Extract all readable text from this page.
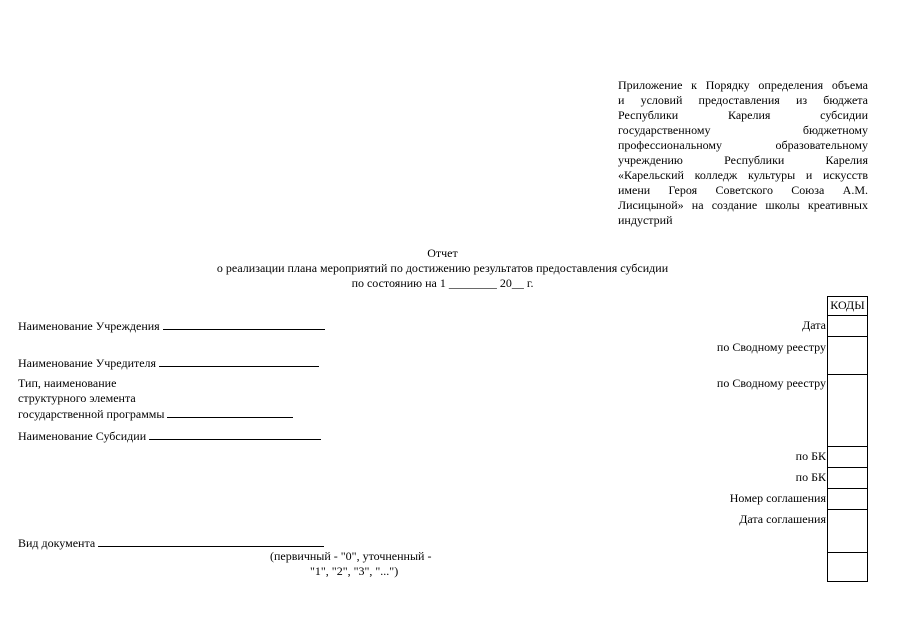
Приложение к Порядку определения объема
и условий предоставления из бюджета
Республики Карелия субсидии
государственному бюджетному
профессиональному образовательному
учреждению Республики Карелия
«Карельский колледж культуры и искусств
имени Героя Советского Союза А.М.
Лисицыной» на создание школы креативных
индустрий
Отчет
о реализации плана мероприятий по достижению результатов предоставления субсидии
по состоянию на 1 ________ 20__ г.
Наименование Учреждения
Наименование Учредителя
Тип, наименование
структурного элемента
государственной программы
Наименование Субсидии
Вид документа
(первичный - "0", уточненный -
"1", "2", "3", "...")
Дата
по Сводному реестру
по Сводному реестру
по БК
по БК
Номер соглашения
Дата соглашения
КОДЫ
